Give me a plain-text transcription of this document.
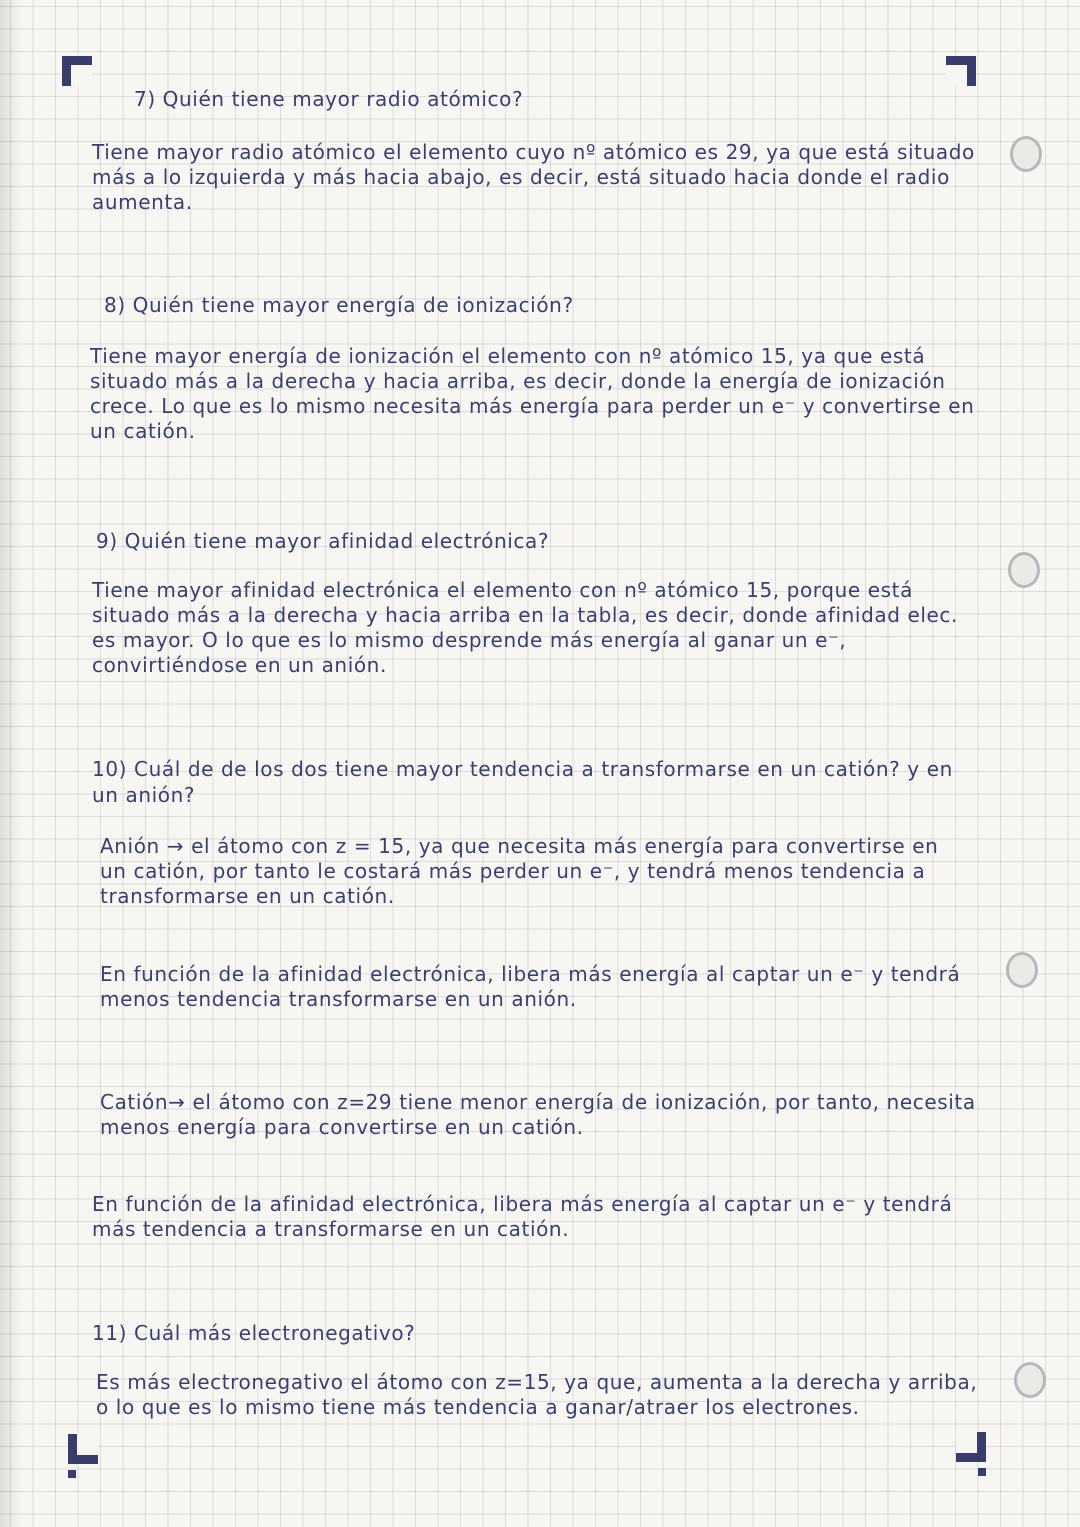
7) Quién tiene mayor radio atómico?
Tiene mayor radio atómico el elemento cuyo nº atómico es 29, ya que está situado más a lo izquierda y más hacia abajo, es decir, está situado hacia donde el radio aumenta.
8) Quién tiene mayor energía de ionización?
Tiene mayor energía de ionización el elemento con nº atómico 15, ya que está situado más a la derecha y hacia arriba, es decir, donde la energía de ionización crece. Lo que es lo mismo necesita más energía para perder un e⁻ y convertirse en un catión.
9) Quién tiene mayor afinidad electrónica?
Tiene mayor afinidad electrónica el elemento con nº atómico 15, porque está situado más a la derecha y hacia arriba en la tabla, es decir, donde afinidad elec. es mayor. O lo que es lo mismo desprende más energía al ganar un e⁻, convirtiéndose en un anión.
10) Cuál de de los dos tiene mayor tendencia a transformarse en un catión? y en un anión?
Anión → el átomo con z = 15, ya que necesita más energía para convertirse en un catión, por tanto le costará más perder un e⁻, y tendrá menos tendencia a transformarse en un catión.
En función de la afinidad electrónica, libera más energía al captar un e⁻ y tendrá menos tendencia transformarse en un anión.
Catión→ el átomo con z=29 tiene menor energía de ionización, por tanto, necesita menos energía para convertirse en un catión.
En función de la afinidad electrónica, libera más energía al captar un e⁻ y tendrá más tendencia a transformarse en un catión.
11) Cuál más electronegativo?
Es más electronegativo el átomo con z=15, ya que, aumenta a la derecha y arriba, o lo que es lo mismo tiene más tendencia a ganar/atraer los electrones.
